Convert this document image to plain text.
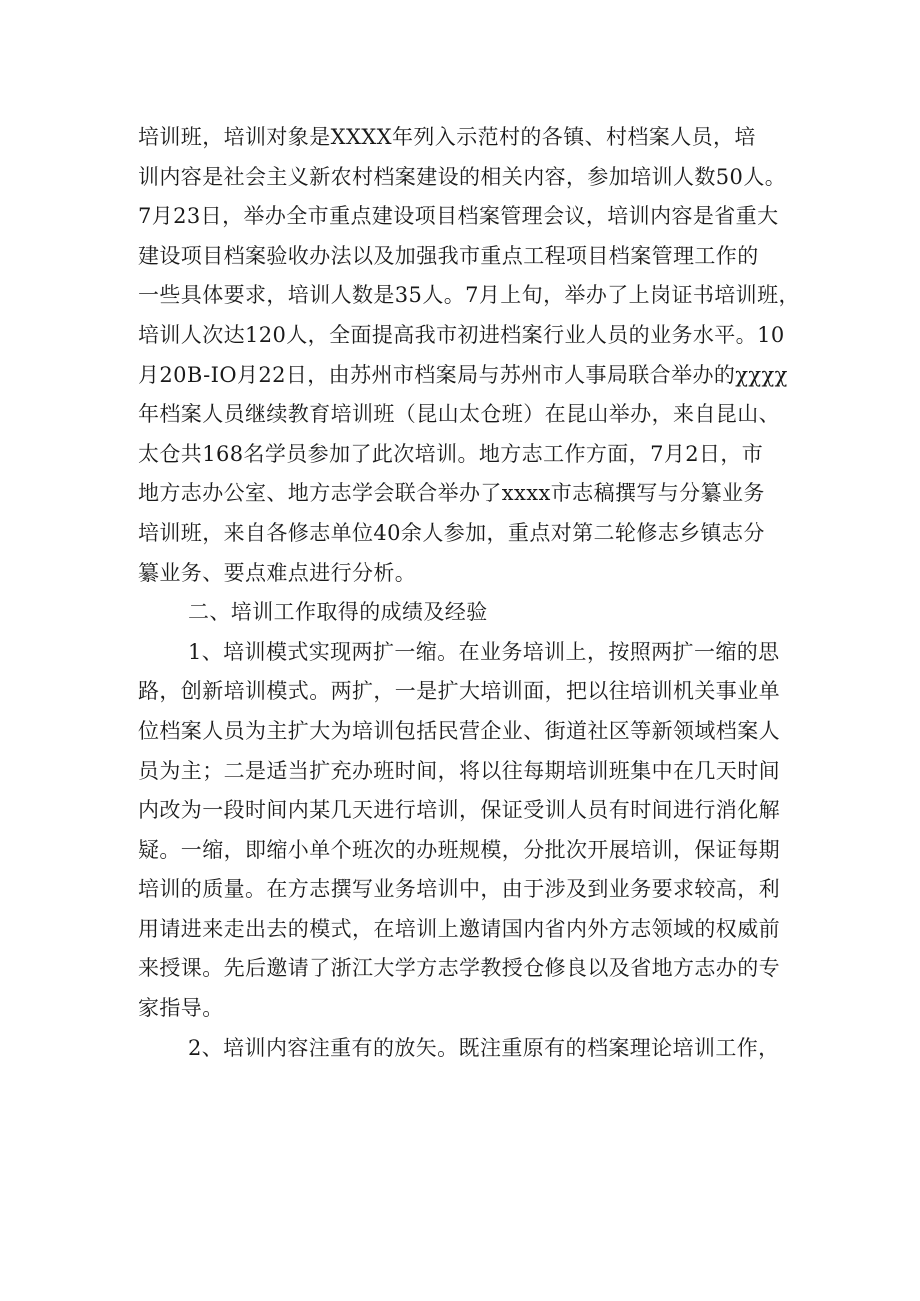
培训班，培训对象是XXXX年列入示范村的各镇、村档案人员，培
训内容是社会主义新农村档案建设的相关内容，参加培训人数50人。
7月23日，举办全市重点建设项目档案管理会议，培训内容是省重大
建设项目档案验收办法以及加强我市重点工程项目档案管理工作的
一些具体要求，培训人数是35人。7月上旬，举办了上岗证书培训班，
培训人次达120人，全面提高我市初进档案行业人员的业务水平。10
月20B-IO月22日，由苏州市档案局与苏州市人事局联合举办的χχχχ
年档案人员继续教育培训班（昆山太仓班）在昆山举办，来自昆山、
太仓共168名学员参加了此次培训。地方志工作方面，7月2日，市
地方志办公室、地方志学会联合举办了xxxx市志稿撰写与分纂业务
培训班，来自各修志单位40余人参加，重点对第二轮修志乡镇志分
纂业务、要点难点进行分析。
二、培训工作取得的成绩及经验
1、培训模式实现两扩一缩。在业务培训上，按照两扩一缩的思
路，创新培训模式。两扩，一是扩大培训面，把以往培训机关事业单
位档案人员为主扩大为培训包括民营企业、街道社区等新领域档案人
员为主；二是适当扩充办班时间，将以往每期培训班集中在几天时间
内改为一段时间内某几天进行培训，保证受训人员有时间进行消化解
疑。一缩，即缩小单个班次的办班规模，分批次开展培训，保证每期
培训的质量。在方志撰写业务培训中，由于涉及到业务要求较高，利
用请进来走出去的模式，在培训上邀请国内省内外方志领域的权威前
来授课。先后邀请了浙江大学方志学教授仓修良以及省地方志办的专
家指导。
2、培训内容注重有的放矢。既注重原有的档案理论培训工作，
